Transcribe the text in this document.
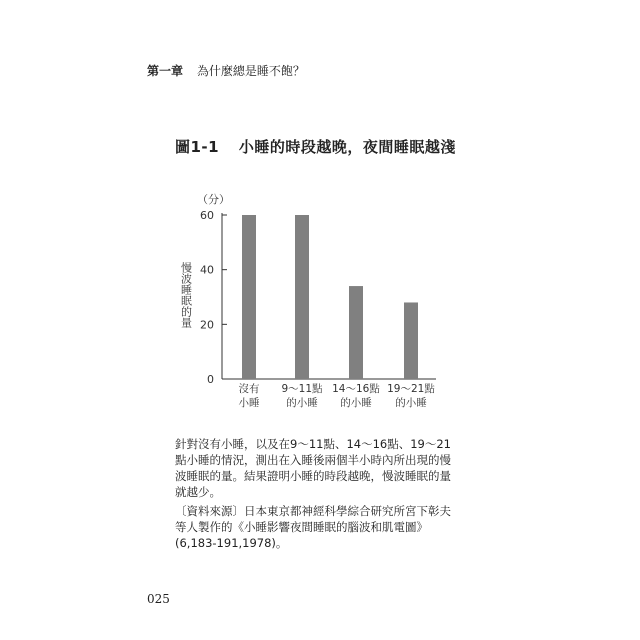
第一章 為什麼總是睡不飽？
圖1-1 小睡的時段越晚，夜間睡眠越淺
0
20
40
60
（分）
慢波睡眠的量
沒有
小睡
9～11點
的小睡
14～16點
的小睡
19～21點
的小睡
針對沒有小睡，以及在9～11點、14～16點、19～21點小睡的情況，測出在入睡後兩個半小時內所出現的慢波睡眠的量。結果證明小睡的時段越晚，慢波睡眠的量就越少。
〔資料來源〕日本東京都神經科學綜合研究所宮下彰夫等人製作的《小睡影響夜間睡眠的腦波和肌電圖》(6,183-191,1978)。
025
